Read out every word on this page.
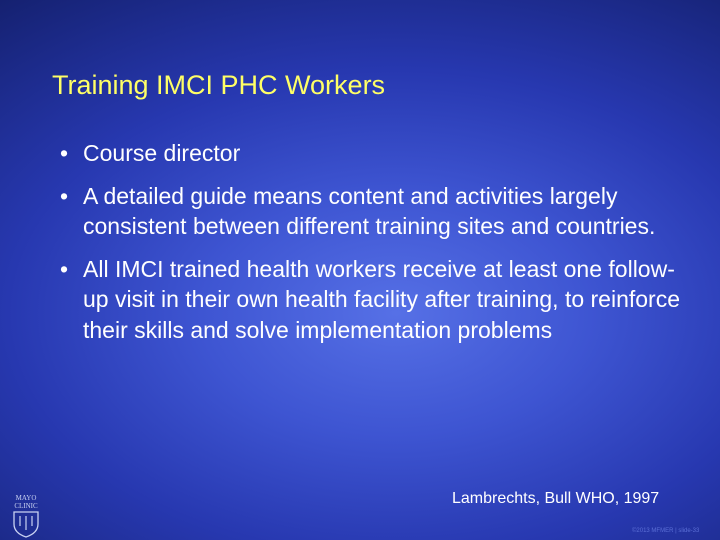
Training IMCI PHC Workers
• Course director
• A detailed guide means content and activities largely consistent between different training sites and countries.
• All IMCI trained health workers receive at least one follow-up visit in their own health facility after training, to reinforce their skills and solve implementation problems
Lambrechts, Bull WHO, 1997
MAYO
CLINIC
©2013 MFMER | slide-33
